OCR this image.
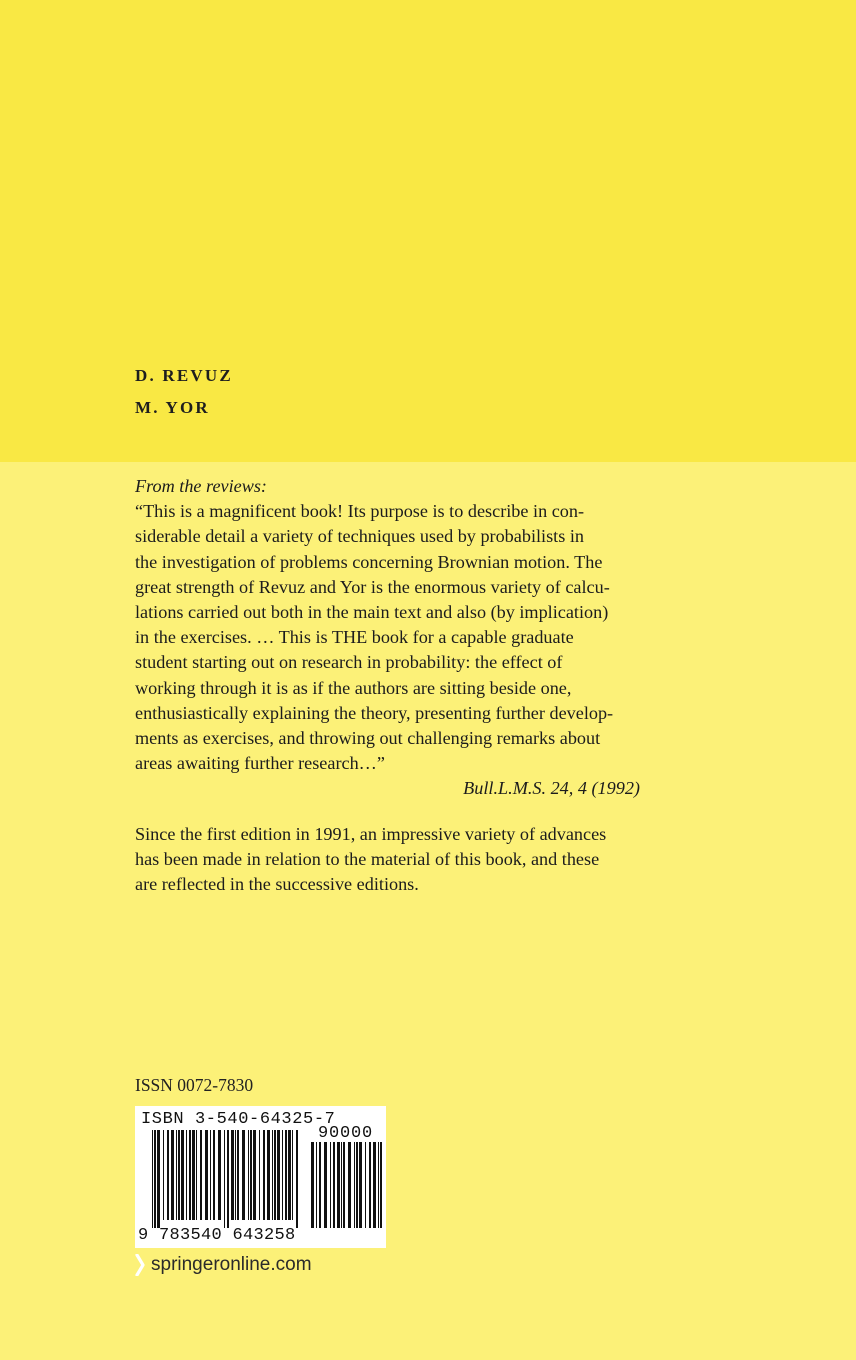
D. REVUZ
M. YOR
From the reviews:
“This is a magnificent book! Its purpose is to describe in con-
siderable detail a variety of techniques used by probabilists in
the investigation of problems concerning Brownian motion. The
great strength of Revuz and Yor is the enormous variety of calcu-
lations carried out both in the main text and also (by implication)
in the exercises. … This is THE book for a capable graduate
student starting out on research in probability: the effect of
working through it is as if the authors are sitting beside one,
enthusiastically explaining the theory, presenting further develop-
ments as exercises, and throwing out challenging remarks about
areas awaiting further research…”
Bull.L.M.S. 24, 4 (1992)
Since the first edition in 1991, an impressive variety of advances
has been made in relation to the material of this book, and these
are reflected in the successive editions.
ISSN 0072-7830
ISBN 3-540-64325-7
90000
9 783540 643258
springeronline.com
